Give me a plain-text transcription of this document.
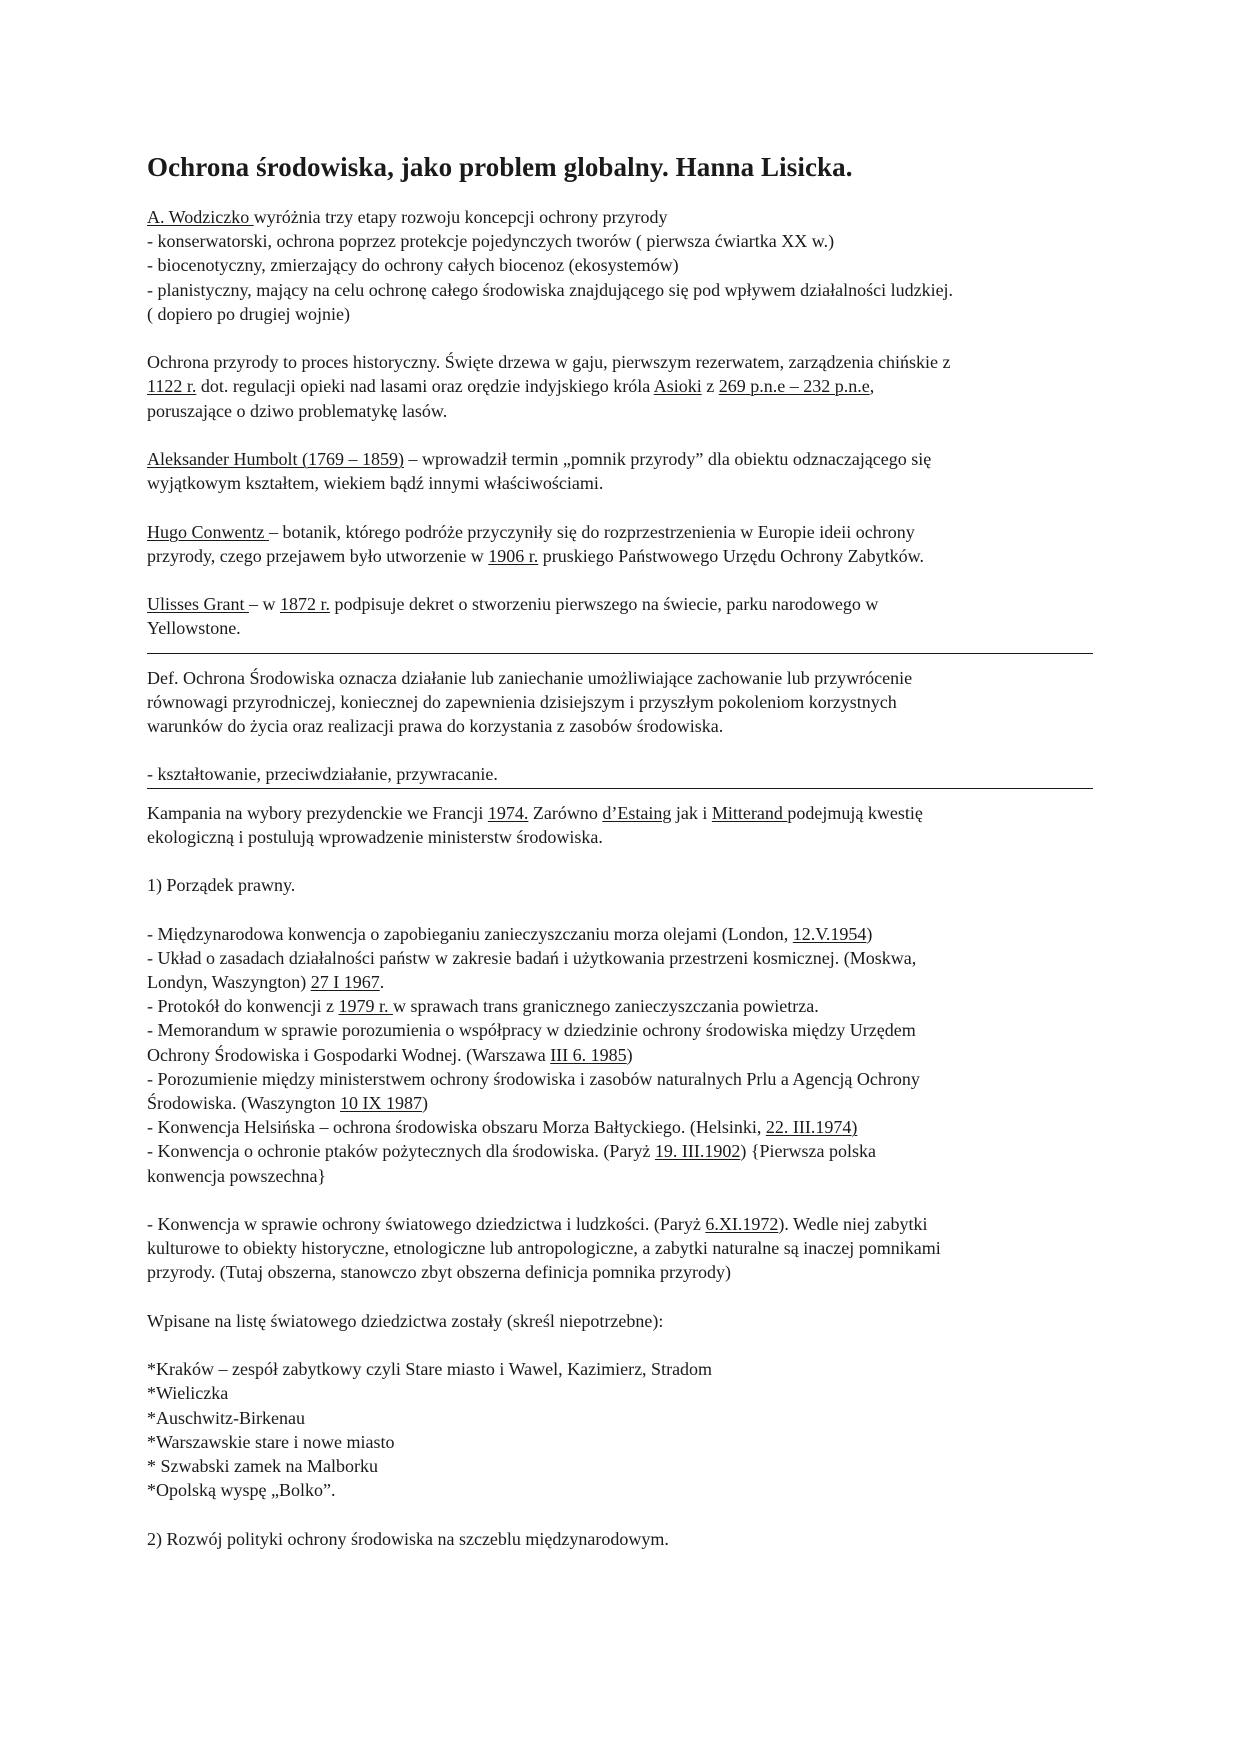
Ochrona środowiska, jako problem globalny. Hanna Lisicka.

A. Wodziczko wyróżnia trzy etapy rozwoju koncepcji ochrony przyrody
- konserwatorski, ochrona poprzez protekcje pojedynczych tworów ( pierwsza ćwiartka XX w.)
- biocenotyczny, zmierzający do ochrony całych biocenoz (ekosystemów)
- planistyczny, mający na celu ochronę całego środowiska znajdującego się pod wpływem działalności ludzkiej.
( dopiero po drugiej wojnie)

Ochrona przyrody to proces historyczny. Święte drzewa w gaju, pierwszym rezerwatem, zarządzenia chińskie z
1122 r. dot. regulacji opieki nad lasami oraz orędzie indyjskiego króla Asioki z 269 p.n.e – 232 p.n.e,
poruszające o dziwo problematykę lasów.

Aleksander Humbolt (1769 – 1859) – wprowadził termin „pomnik przyrody” dla obiektu odznaczającego się
wyjątkowym kształtem, wiekiem bądź innymi właściwościami.

Hugo Conwentz – botanik, którego podróże przyczyniły się do rozprzestrzenienia w Europie ideii ochrony
przyrody, czego przejawem było utworzenie w 1906 r. pruskiego Państwowego Urzędu Ochrony Zabytków.

Ulisses Grant – w 1872 r. podpisuje dekret o stworzeniu pierwszego na świecie, parku narodowego w
Yellowstone.

Def. Ochrona Środowiska oznacza działanie lub zaniechanie umożliwiające zachowanie lub przywrócenie
równowagi przyrodniczej, koniecznej do zapewnienia dzisiejszym i przyszłym pokoleniom korzystnych
warunków do życia oraz realizacji prawa do korzystania z zasobów środowiska.

- kształtowanie, przeciwdziałanie, przywracanie.

Kampania na wybory prezydenckie we Francji 1974. Zarówno d’Estaing jak i Mitterand podejmują kwestię
ekologiczną i postulują wprowadzenie ministerstw środowiska.

1) Porządek prawny.

- Międzynarodowa konwencja o zapobieganiu zanieczyszczaniu morza olejami (London, 12.V.1954)
- Układ o zasadach działalności państw w zakresie badań i użytkowania przestrzeni kosmicznej. (Moskwa,
Londyn, Waszyngton) 27 I 1967.
- Protokół do konwencji z 1979 r. w sprawach trans granicznego zanieczyszczania powietrza.
- Memorandum w sprawie porozumienia o współpracy w dziedzinie ochrony środowiska między Urzędem
Ochrony Środowiska i Gospodarki Wodnej. (Warszawa III 6. 1985)
- Porozumienie między ministerstwem ochrony środowiska i zasobów naturalnych Prlu a Agencją Ochrony
Środowiska. (Waszyngton 10 IX 1987)
- Konwencja Helsińska – ochrona środowiska obszaru Morza Bałtyckiego. (Helsinki, 22. III.1974)
- Konwencja o ochronie ptaków pożytecznych dla środowiska. (Paryż 19. III.1902) {Pierwsza polska
konwencja powszechna}

- Konwencja w sprawie ochrony światowego dziedzictwa i ludzkości. (Paryż 6.XI.1972). Wedle niej zabytki
kulturowe to obiekty historyczne, etnologiczne lub antropologiczne, a zabytki naturalne są inaczej pomnikami
przyrody. (Tutaj obszerna, stanowczo zbyt obszerna definicja pomnika przyrody)

Wpisane na listę światowego dziedzictwa zostały (skreśl niepotrzebne):

*Kraków – zespół zabytkowy czyli Stare miasto i Wawel, Kazimierz, Stradom
*Wieliczka
*Auschwitz-Birkenau
*Warszawskie stare i nowe miasto
* Szwabski zamek na Malborku
*Opolską wyspę „Bolko”.

2) Rozwój polityki ochrony środowiska na szczeblu międzynarodowym.
